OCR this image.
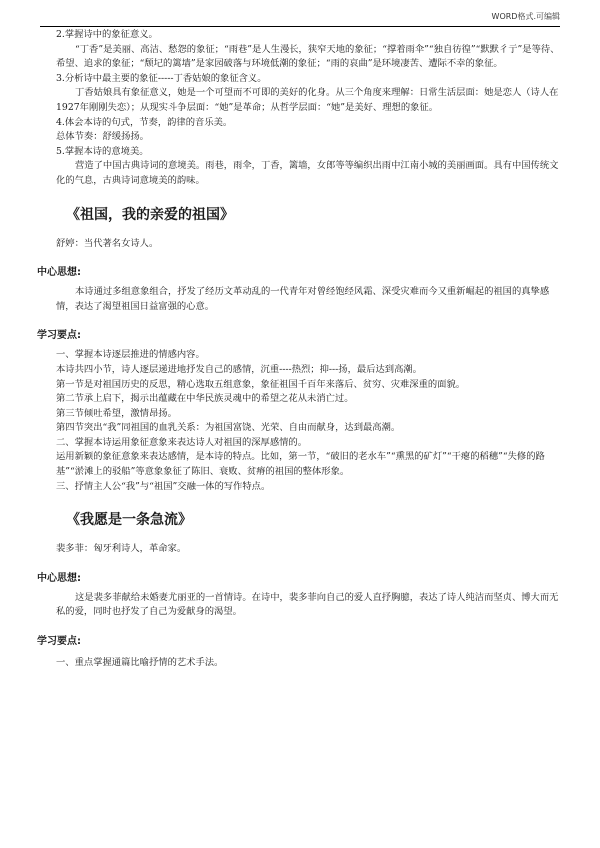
WORD格式.可编辑

2.掌握诗中的象征意义。

“丁香”是美丽、高洁、愁怨的象征；“雨巷”是人生漫长，狭窄天地的象征；“撑着雨伞”“独自彷徨”“默默彳亍”是等待、希望、追求的象征；“颓圮的篱墙”是家园破落与环境低潮的象征；“雨的哀曲”是环境凄苦、遭际不幸的象征。

3.分析诗中最主要的象征-----丁香姑娘的象征含义。

丁香姑娘具有象征意义，她是一个可望而不可即的美好的化身。从三个角度来理解：日常生活层面：她是恋人（诗人在1927年刚刚失恋）；从现实斗争层面：“她”是革命；从哲学层面：“她”是美好、理想的象征。

4.体会本诗的句式，节奏，韵律的音乐美。

总体节奏：舒缓扬扬。

5.掌握本诗的意境美。

营造了中国古典诗词的意境美。雨巷，雨伞，丁香，篱墙，女郎等等编织出雨中江南小城的美丽画面。具有中国传统文化的气息，古典诗词意境美的韵味。

《祖国，我的亲爱的祖国》

舒婷：当代著名女诗人。

中心思想:

本诗通过多组意象组合，抒发了经历文革动乱的一代青年对曾经饱经风霜、深受灾难而今又重新崛起的祖国的真挚感情，表达了渴望祖国日益富强的心意。

学习要点:

一、掌握本诗逐层推进的情感内容。

本诗共四小节，诗人逐层递进地抒发自己的感情，沉重----热烈；抑---扬，最后达到高潮。

第一节是对祖国历史的反思，精心选取五组意象，象征祖国千百年来落后、贫穷、灾难深重的面貌。

第二节承上启下，揭示出蕴藏在中华民族灵魂中的希望之花从未消亡过。

第三节倾吐希望，激情昂扬。

第四节突出“我”同祖国的血乳关系：为祖国富饶、光荣、自由而献身，达到最高潮。

二、掌握本诗运用象征意象来表达诗人对祖国的深厚感情的。

运用新颖的象征意象来表达感情，是本诗的特点。比如，第一节，“破旧的老水车”“熏黑的矿灯”“干瘪的稻穗”“失修的路基”“淤滩上的驳船”等意象象征了陈旧、衰败、贫瘠的祖国的整体形象。

三、抒情主人公“我”与“祖国”交融一体的写作特点。

《我愿是一条急流》

裴多菲：匈牙利诗人，革命家。

中心思想:

这是裴多菲献给未婚妻尤丽亚的一首情诗。在诗中，裴多菲向自己的爱人直抒胸臆，表达了诗人纯洁而坚贞、博大而无私的爱，同时也抒发了自己为爱献身的渴望。

学习要点:

一、重点掌握通篇比喻抒情的艺术手法。
